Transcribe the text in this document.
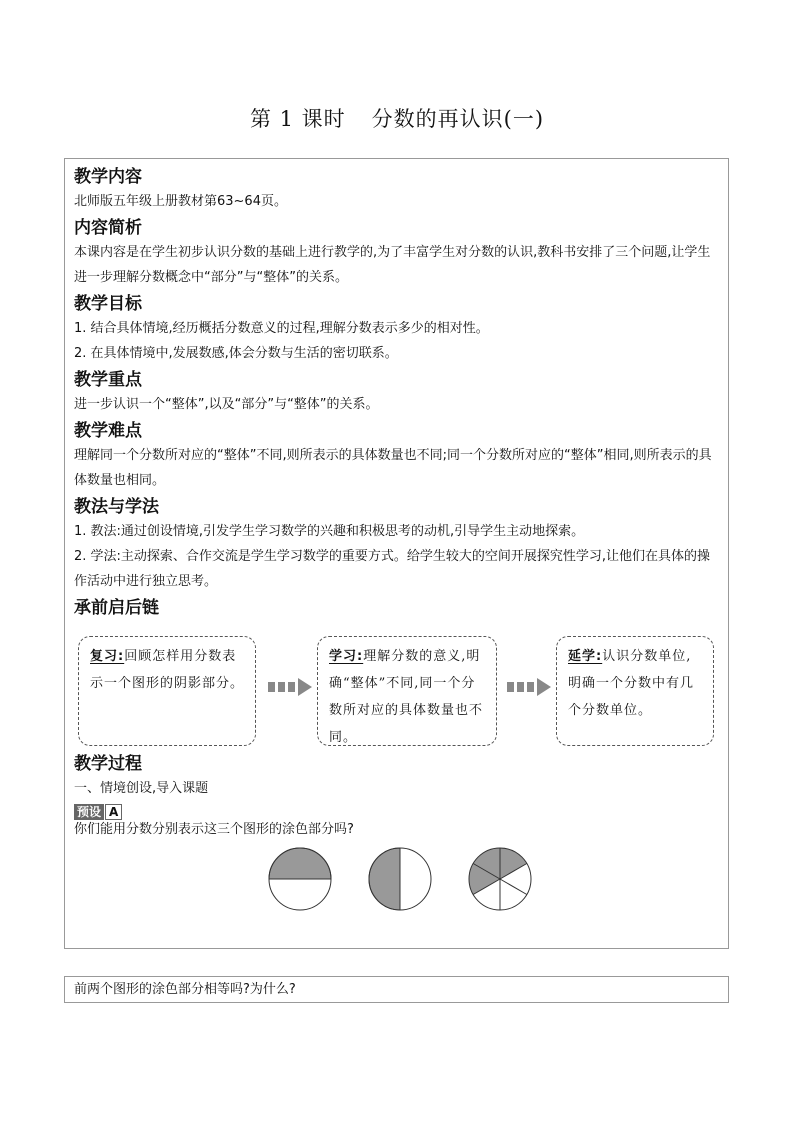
第 1 课时 分数的再认识(一)
教学内容
北师版五年级上册教材第63~64页。
内容简析
本课内容是在学生初步认识分数的基础上进行教学的,为了丰富学生对分数的认识,教科书安排了三个问题,让学生进一步理解分数概念中“部分”与“整体”的关系。
教学目标
1. 结合具体情境,经历概括分数意义的过程,理解分数表示多少的相对性。
2. 在具体情境中,发展数感,体会分数与生活的密切联系。
教学重点
进一步认识一个“整体”,以及“部分”与“整体”的关系。
教学难点
理解同一个分数所对应的“整体”不同,则所表示的具体数量也不同;同一个分数所对应的“整体”相同,则所表示的具体数量也相同。
教法与学法
1. 教法:通过创设情境,引发学生学习数学的兴趣和积极思考的动机,引导学生主动地探索。
2. 学法:主动探索、合作交流是学生学习数学的重要方式。给学生较大的空间开展探究性学习,让他们在具体的操作活动中进行独立思考。
承前启后链
复习:回顾怎样用分数表示一个图形的阴影部分。
学习:理解分数的意义,明确“整体”不同,同一个分数所对应的具体数量也不同。
延学:认识分数单位,明确一个分数中有几个分数单位。
教学过程
一、情境创设,导入课题
预设 A
你们能用分数分别表示这三个图形的涂色部分吗?
前两个图形的涂色部分相等吗?为什么?
